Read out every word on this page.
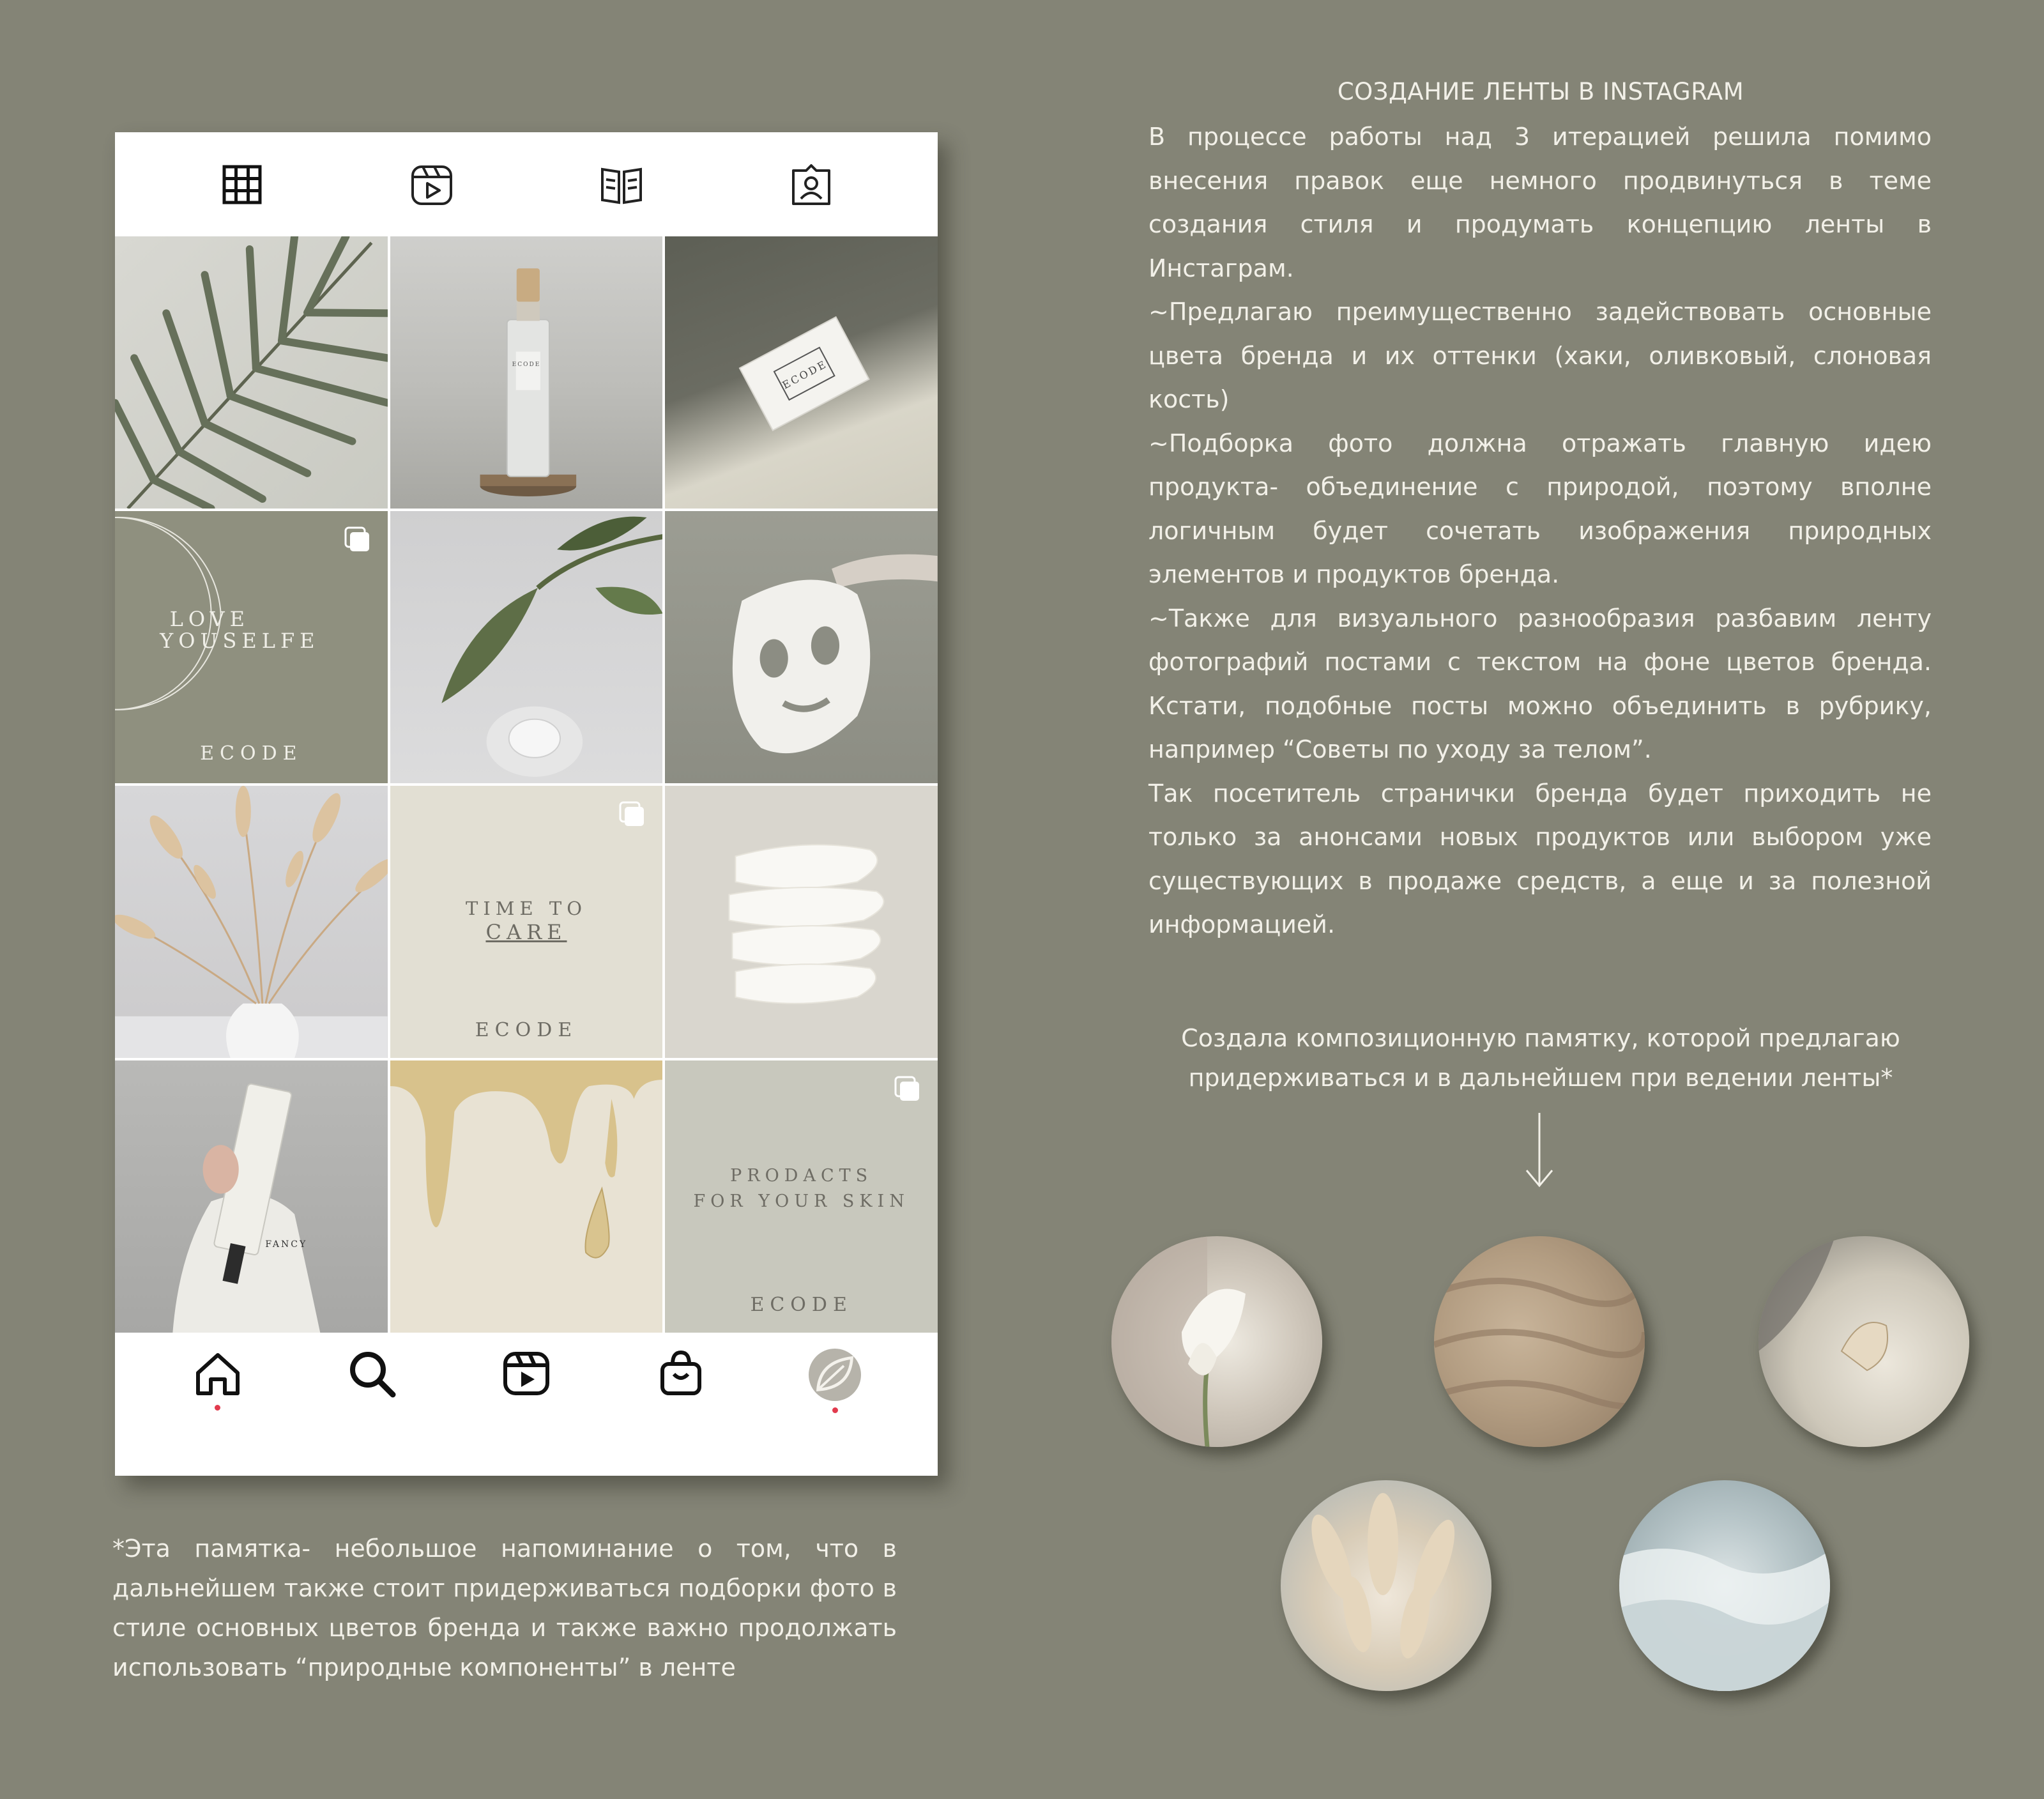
ECODE	ECODE
LOVE
YOUSELFE
ECODE
TIME TO
CARE
ECODE
FANCY
PRODACTS
FOR YOUR SKIN
ECODE
СОЗДАНИЕ ЛЕНТЫ В INSTAGRAM

В процессе работы над 3 итерацией решила помимо внесения правок еще немного продвинуться в теме создания стиля и продумать концепцию ленты в Инстаграм.

~Предлагаю преимущественно задействовать основные цвета бренда и их оттенки (хаки, оливковый, слоновая кость)

~Подборка фото должна отражать главную идею продукта- объединение с природой, поэтому вполне логичным будет сочетать изображения природных элементов и продуктов бренда.

~Также для визуального разнообразия разбавим ленту фотографий постами с текстом на фоне цветов бренда. Кстати, подобные посты можно объединить в рубрику, например “Советы по уходу за телом”.

Так посетитель странички бренда будет приходить не только за анонсами новых продуктов или выбором уже существующих в продаже средств, а еще и за полезной информацией.

Создала композиционную памятку, которой предлагаю
придерживаться и в дальнейшем при ведении ленты*
*Эта памятка- небольшое напоминание о том, что в дальнейшем также стоит придерживаться подборки фото в стиле основных цветов бренда и также важно продолжать использовать “природные компоненты” в ленте
